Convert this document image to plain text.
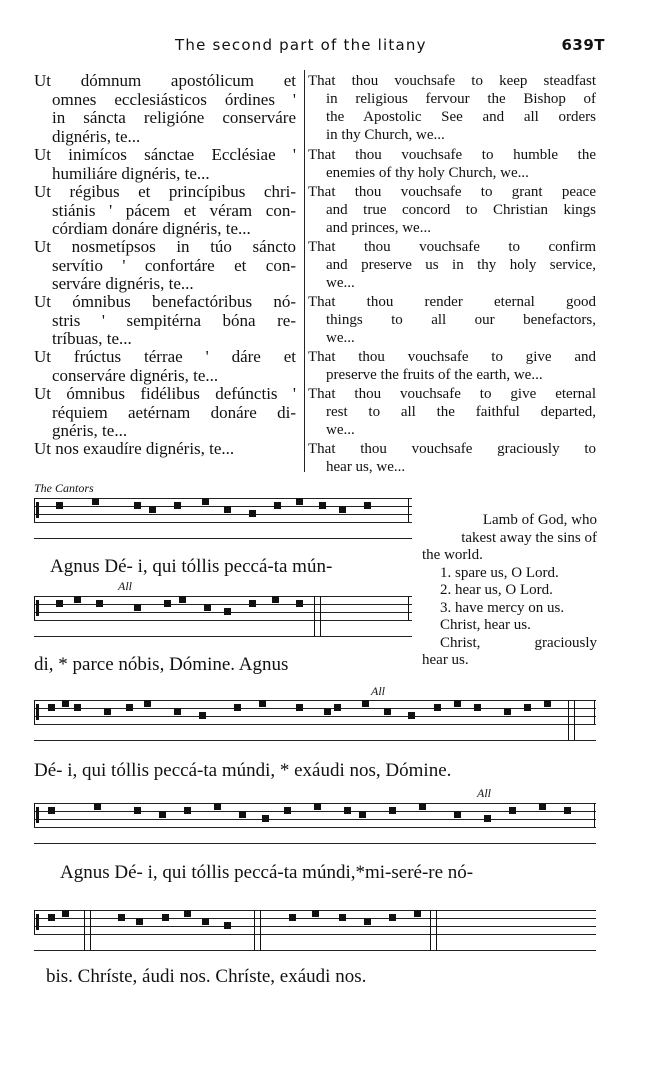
The second part of the litany	639T
Ut dómnum apostólicum et
omnes ecclesiásticos órdines '
in sáncta religióne conserváre
dignéris, te...
That thou vouchsafe to keep steadfast
in religious fervour the Bishop of
the Apostolic See and all orders
in thy Church, we...
Ut inimícos sánctae Ecclésiae '
humiliáre dignéris, te...
That thou vouchsafe to humble the
enemies of thy holy Church, we...
Ut régibus et princípibus chri-
stiánis ' pácem et véram con-
córdiam donáre dignéris, te...
That thou vouchsafe to grant peace
and true concord to Christian kings
and princes, we...
Ut nosmetípsos in túo sáncto
servítio ' confortáre et con-
serváre dignéris, te...
That thou vouchsafe to confirm
and preserve us in thy holy service,
we...
Ut ómnibus benefactóribus nó-
stris ' sempitérna bóna re-
tríbuas, te...
That thou render eternal good
things to all our benefactors,
we...
Ut frúctus térrae ' dáre et
conserváre dignéris, te...
That thou vouchsafe to give and
preserve the fruits of the earth, we...
Ut ómnibus fidélibus defúnctis '
réquiem aetérnam donáre di-
gnéris, te...
That thou vouchsafe to give eternal
rest to all the faithful departed,
we...
Ut nos exaudíre dignéris, te...	That thou vouchsafe graciously to
hear us, we...
The Cantors
Agnus Dé- i, qui tóllis peccá-ta mún-
All
di, * parce nóbis, Dómine. Agnus
Lamb of God, who
takest away the sins of
the world.
1. spare us, O Lord.
2. hear us, O Lord.
3. have mercy on us.
Christ, hear us.
Christ, graciously
hear us.
All
Dé- i, qui tóllis peccá-ta múndi, * exáudi nos, Dómine.
All
Agnus Dé- i, qui tóllis peccá-ta múndi,*mi-seré-re nó-
bis. Chríste, áudi nos. Chríste, exáudi nos.
